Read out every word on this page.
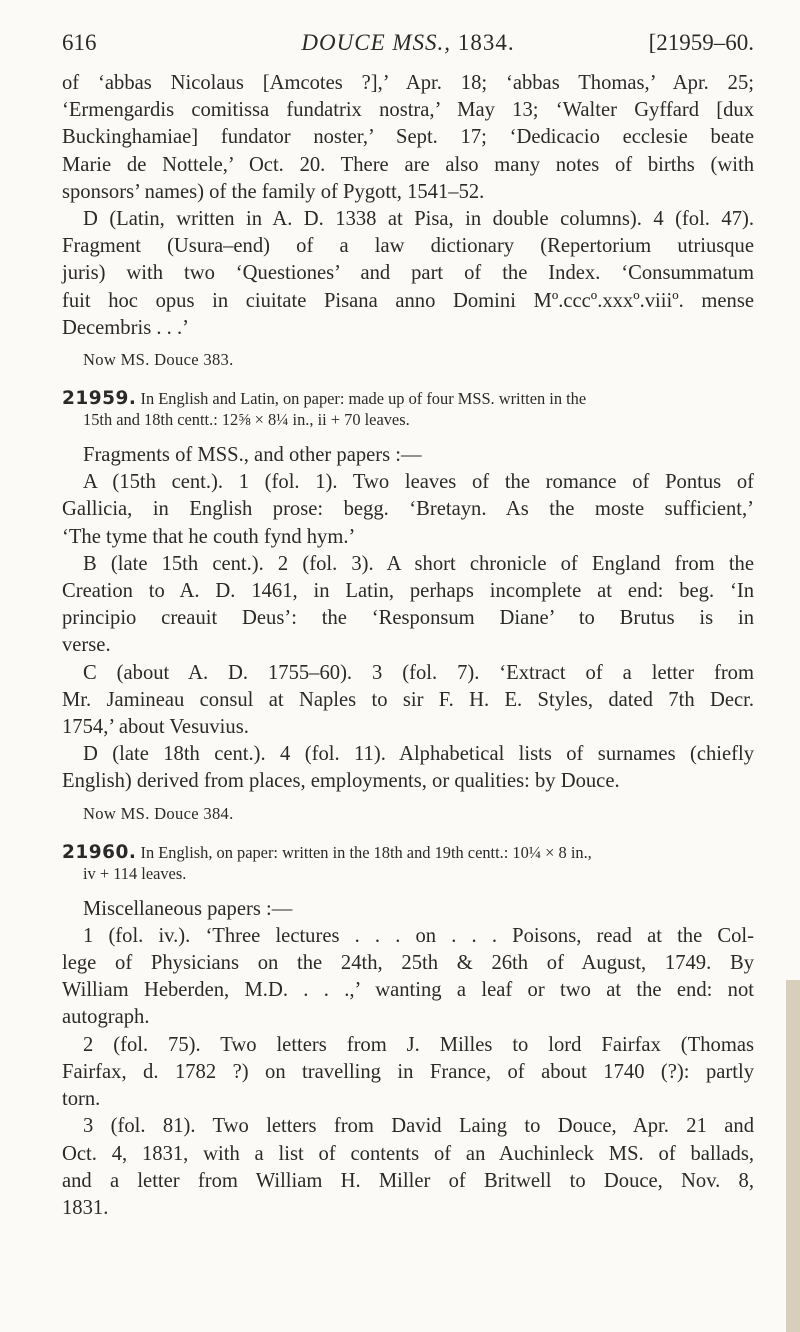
616	DOUCE MSS., 1834.	[21959–60.
of ‘abbas Nicolaus [Amcotes ?],’ Apr. 18; ‘abbas Thomas,’ Apr. 25;
‘Ermengardis comitissa fundatrix nostra,’ May 13; ‘Walter Gyffard [dux
Buckinghamiae] fundator noster,’ Sept. 17; ‘Dedicacio ecclesie beate
Marie de Nottele,’ Oct. 20. There are also many notes of births (with
sponsors’ names) of the family of Pygott, 1541–52.
D (Latin, written in A. D. 1338 at Pisa, in double columns). 4 (fol. 47).
Fragment (Usura–end) of a law dictionary (Repertorium utriusque
juris) with two ‘Questiones’ and part of the Index. ‘Consummatum
fuit hoc opus in ciuitate Pisana anno Domini Mº.cccº.xxxº.viiiº. mense
Decembris . . .’
Now MS. Douce 383.
21959. In English and Latin, on paper: made up of four MSS. written in the
15th and 18th centt.: 12⅝ × 8¼ in., ii + 70 leaves.
Fragments of MSS., and other papers :—
A (15th cent.). 1 (fol. 1). Two leaves of the romance of Pontus of
Gallicia, in English prose: begg. ‘Bretayn. As the moste sufficient,’
‘The tyme that he couth fynd hym.’
B (late 15th cent.). 2 (fol. 3). A short chronicle of England from the
Creation to A. D. 1461, in Latin, perhaps incomplete at end: beg. ‘In
principio creauit Deus’: the ‘Responsum Diane’ to Brutus is in
verse.
C (about A. D. 1755–60). 3 (fol. 7). ‘Extract of a letter from
Mr. Jamineau consul at Naples to sir F. H. E. Styles, dated 7th Decr.
1754,’ about Vesuvius.
D (late 18th cent.). 4 (fol. 11). Alphabetical lists of surnames (chiefly
English) derived from places, employments, or qualities: by Douce.
Now MS. Douce 384.
21960. In English, on paper: written in the 18th and 19th centt.: 10¼ × 8 in.,
iv + 114 leaves.
Miscellaneous papers :—
1 (fol. iv.). ‘Three lectures . . . on . . . Poisons, read at the Col-
lege of Physicians on the 24th, 25th & 26th of August, 1749. By
William Heberden, M.D. . . .,’ wanting a leaf or two at the end: not
autograph.
2 (fol. 75). Two letters from J. Milles to lord Fairfax (Thomas
Fairfax, d. 1782 ?) on travelling in France, of about 1740 (?): partly
torn.
3 (fol. 81). Two letters from David Laing to Douce, Apr. 21 and
Oct. 4, 1831, with a list of contents of an Auchinleck MS. of ballads,
and a letter from William H. Miller of Britwell to Douce, Nov. 8,
1831.
